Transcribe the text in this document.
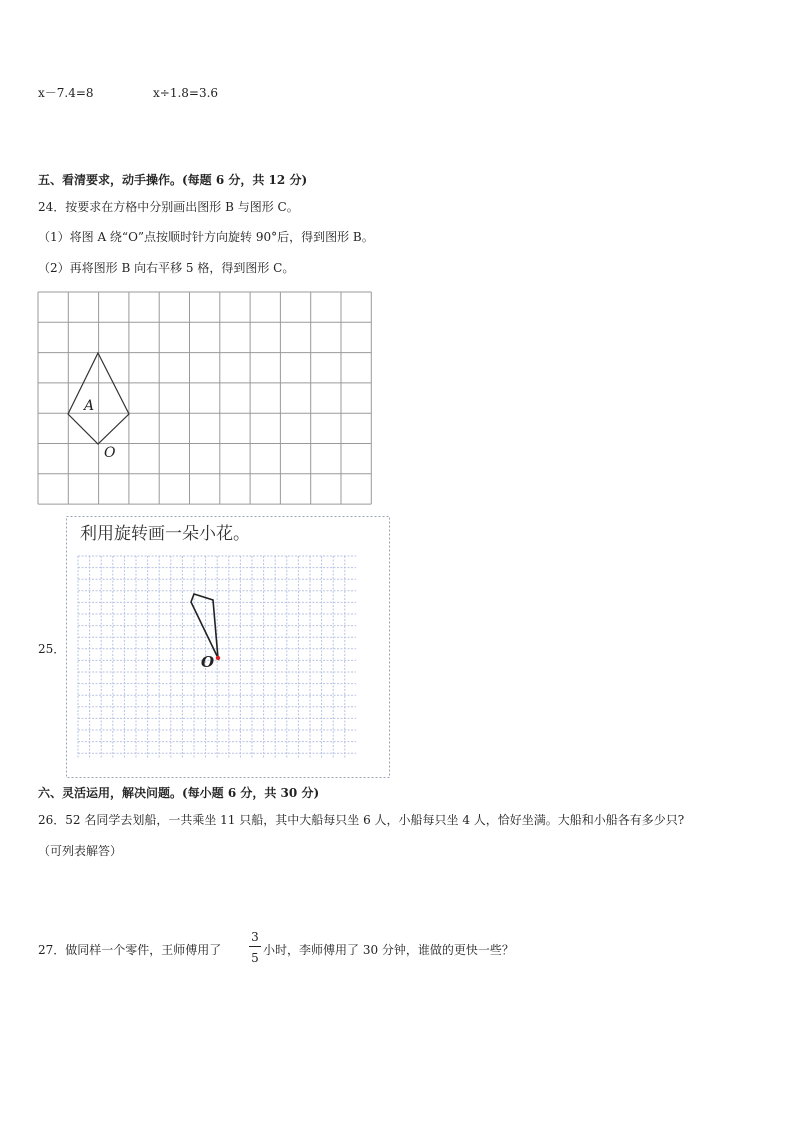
x－7.4=8	x÷1.8=3.6
五、看清要求，动手操作。(每题 6 分，共 12 分)
24．按要求在方格中分别画出图形 B 与图形 C。
（1）将图 A 绕“O”点按顺时针方向旋转 90°后，得到图形 B。
（2）再将图形 B 向右平移 5 格，得到图形 C。
A
O
25．
利用旋转画一朵小花。
O
六、灵活运用，解决问题。(每小题 6 分，共 30 分)
26．52 名同学去划船，一共乘坐 11 只船，其中大船每只坐 6 人，小船每只坐 4 人，恰好坐满。大船和小船各有多少只?
（可列表解答）
27．做同样一个零件，王师傅用了
3
5
小时，李师傅用了 30 分钟，谁做的更快一些？
